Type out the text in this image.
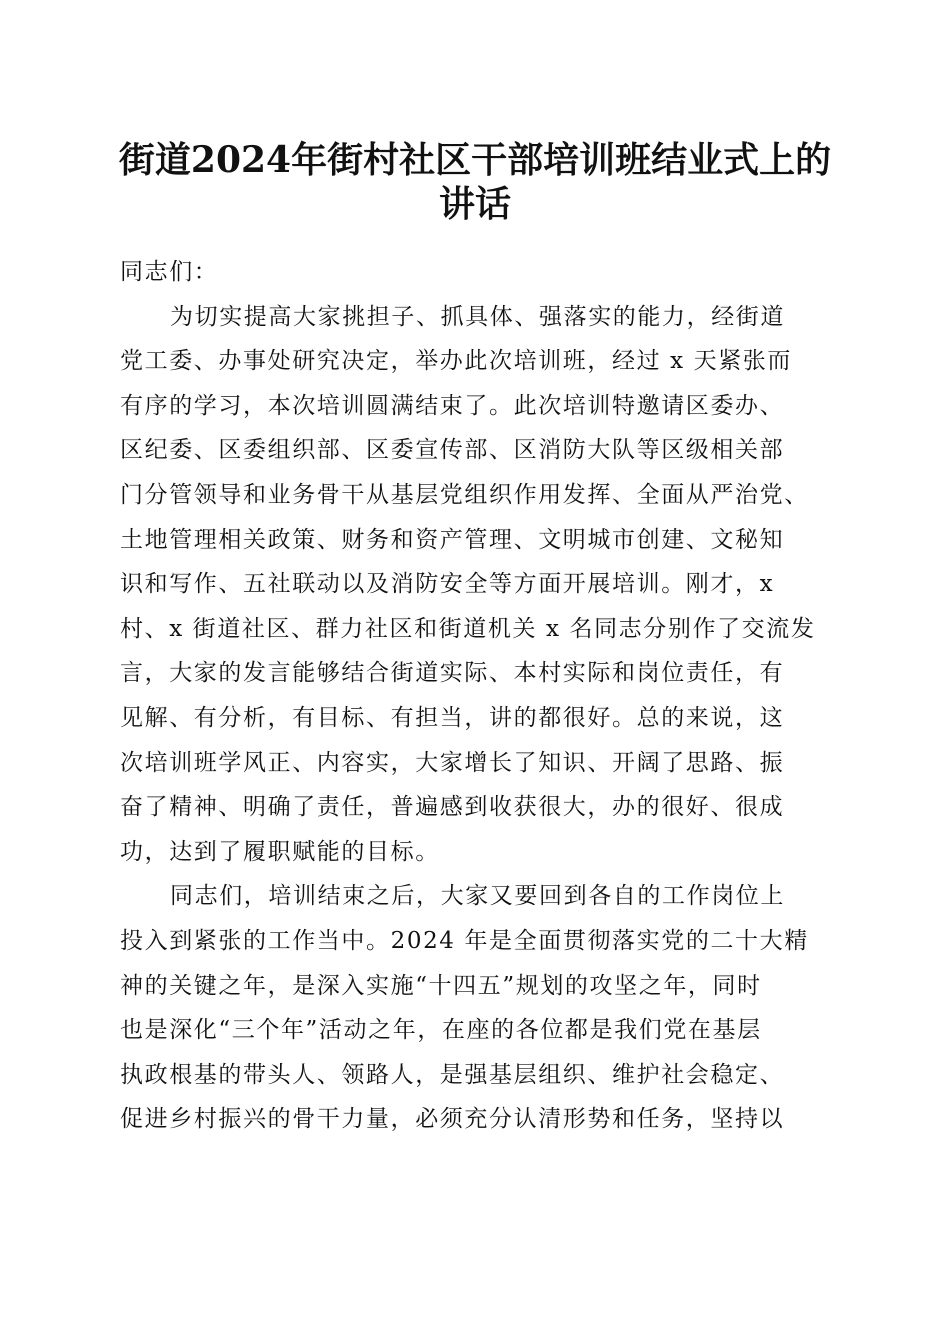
街道2024年街村社区干部培训班结业式上的
讲话
同志们：
为切实提高大家挑担子、抓具体、强落实的能力，经街道
党工委、办事处研究决定，举办此次培训班，经过 x 天紧张而
有序的学习，本次培训圆满结束了。此次培训特邀请区委办、
区纪委、区委组织部、区委宣传部、区消防大队等区级相关部
门分管领导和业务骨干从基层党组织作用发挥、全面从严治党、
土地管理相关政策、财务和资产管理、文明城市创建、文秘知
识和写作、五社联动以及消防安全等方面开展培训。刚才，x
村、x 街道社区、群力社区和街道机关 x 名同志分别作了交流发
言，大家的发言能够结合街道实际、本村实际和岗位责任，有
见解、有分析，有目标、有担当，讲的都很好。总的来说，这
次培训班学风正、内容实，大家增长了知识、开阔了思路、振
奋了精神、明确了责任，普遍感到收获很大，办的很好、很成
功，达到了履职赋能的目标。
同志们，培训结束之后，大家又要回到各自的工作岗位上
投入到紧张的工作当中。2024 年是全面贯彻落实党的二十大精
神的关键之年，是深入实施“十四五”规划的攻坚之年，同时
也是深化“三个年”活动之年，在座的各位都是我们党在基层
执政根基的带头人、领路人，是强基层组织、维护社会稳定、
促进乡村振兴的骨干力量，必须充分认清形势和任务，坚持以
